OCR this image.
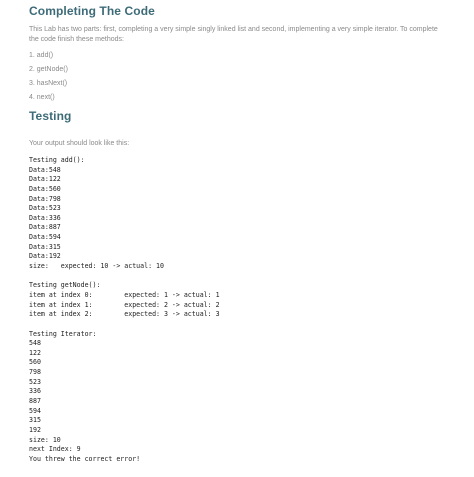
Completing The Code

This Lab has two parts: first, completing a very simple singly linked list and second, implementing a very simple iterator. To complete the code finish these methods:

1. add()
2. getNode()
3. hasNext()
4. next()
Testing

Your output should look like this:

Testing add():
Data:548
Data:122
Data:560
Data:798
Data:523
Data:336
Data:887
Data:594
Data:315
Data:192
size:   expected: 10 -> actual: 10
Testing getNode():
item at index 0:        expected: 1 -> actual: 1
item at index 1:        expected: 2 -> actual: 2
item at index 2:        expected: 3 -> actual: 3
Testing Iterator:
548
122
560
798
523
336
887
594
315
192
size: 10
next Index: 9
You threw the correct error!
